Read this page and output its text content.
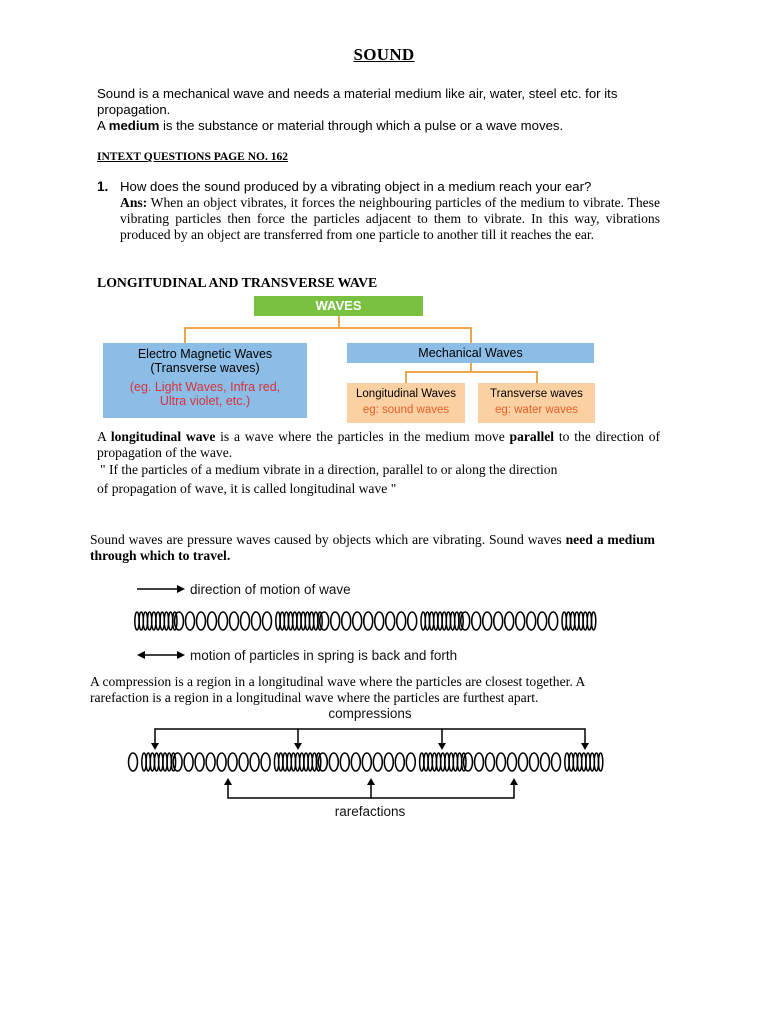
SOUND
Sound is a mechanical wave and needs a material medium like air, water, steel etc. for its
propagation.
A medium is the substance or material through which a pulse or a wave moves.
INTEXT QUESTIONS PAGE NO. 162
1. How does the sound produced by a vibrating object in a medium reach your ear?
Ans: When an object vibrates, it forces the neighbouring particles of the medium to vibrate. These vibrating particles then force the particles adjacent to them to vibrate. In this way, vibrations produced by an object are transferred from one particle to another till it reaches the ear.
LONGITUDINAL AND TRANSVERSE WAVE
WAVES
Electro Magnetic Waves
(Transverse waves)
(eg. Light Waves, Infra red,
Ultra violet, etc.)
Mechanical Waves
Longitudinal Waves
eg: sound waves
Transverse waves
eg: water waves
A longitudinal wave is a wave where the particles in the medium move parallel to the direction of propagation of the wave.
" If the particles of a medium vibrate in a direction, parallel to or along the direction
of propagation of wave, it is called longitudinal wave "
Sound waves are pressure waves caused by objects which are vibrating. Sound waves need a medium through which to travel.
direction of motion of wave
motion of particles in spring is back and forth
A compression is a region in a longitudinal wave where the particles are closest together. A
rarefaction is a region in a longitudinal wave where the particles are furthest apart.
compressions
rarefactions
